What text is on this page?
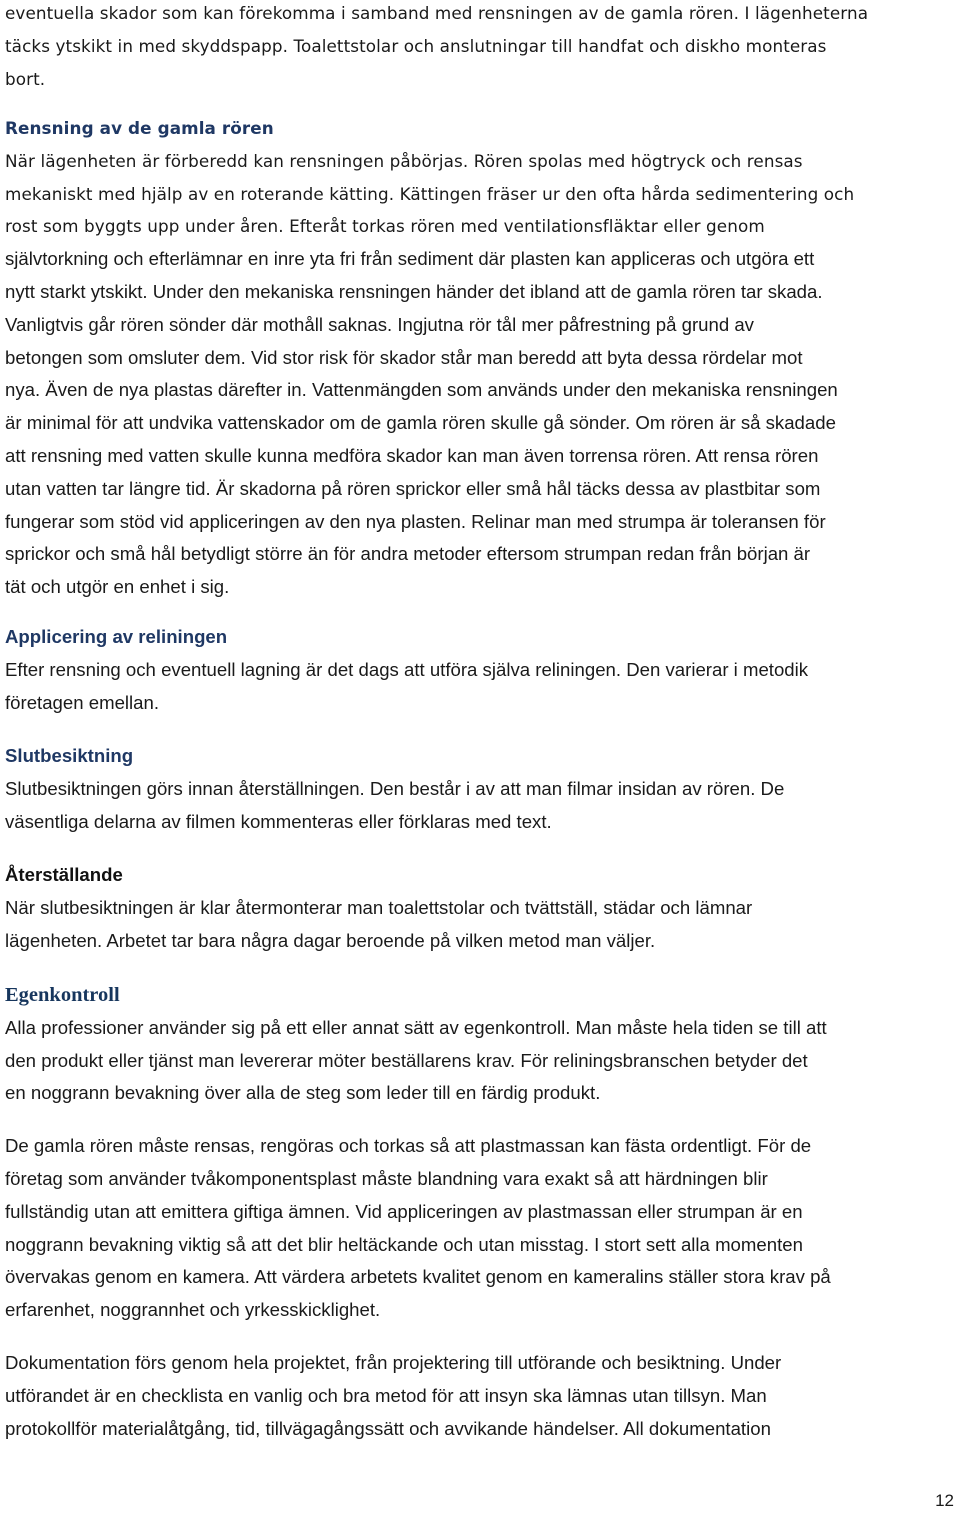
eventuella skador som kan förekomma i samband med rensningen av de gamla rören. I lägenheterna
täcks ytskikt in med skyddspapp. Toalettstolar och anslutningar till handfat och diskho monteras
bort.
Rensning av de gamla rören
När lägenheten är förberedd kan rensningen påbörjas. Rören spolas med högtryck och rensas
mekaniskt med hjälp av en roterande kätting. Kättingen fräser ur den ofta hårda sedimentering och
rost som byggts upp under åren. Efteråt torkas rören med ventilationsfläktar eller genom
självtorkning och efterlämnar en inre yta fri från sediment där plasten kan appliceras och utgöra ett
nytt starkt ytskikt. Under den mekaniska rensningen händer det ibland att de gamla rören tar skada.
Vanligtvis går rören sönder där mothåll saknas. Ingjutna rör tål mer påfrestning på grund av
betongen som omsluter dem. Vid stor risk för skador står man beredd att byta dessa rördelar mot
nya. Även de nya plastas därefter in. Vattenmängden som används under den mekaniska rensningen
är minimal för att undvika vattenskador om de gamla rören skulle gå sönder. Om rören är så skadade
att rensning med vatten skulle kunna medföra skador kan man även torrensa rören. Att rensa rören
utan vatten tar längre tid. Är skadorna på rören sprickor eller små hål täcks dessa av plastbitar som
fungerar som stöd vid appliceringen av den nya plasten. Relinar man med strumpa är toleransen för
sprickor och små hål betydligt större än för andra metoder eftersom strumpan redan från början är
tät och utgör en enhet i sig.
Applicering av reliningen
Efter rensning och eventuell lagning är det dags att utföra själva reliningen. Den varierar i metodik
företagen emellan.
Slutbesiktning
Slutbesiktningen görs innan återställningen. Den består i av att man filmar insidan av rören. De
väsentliga delarna av filmen kommenteras eller förklaras med text.
Återställande
När slutbesiktningen är klar återmonterar man toalettstolar och tvättställ, städar och lämnar
lägenheten. Arbetet tar bara några dagar beroende på vilken metod man väljer.
Egenkontroll
Alla professioner använder sig på ett eller annat sätt av egenkontroll. Man måste hela tiden se till att
den produkt eller tjänst man levererar möter beställarens krav. För reliningsbranschen betyder det
en noggrann bevakning över alla de steg som leder till en färdig produkt.
De gamla rören måste rensas, rengöras och torkas så att plastmassan kan fästa ordentligt. För de
företag som använder tvåkomponentsplast måste blandning vara exakt så att härdningen blir
fullständig utan att emittera giftiga ämnen. Vid appliceringen av plastmassan eller strumpan är en
noggrann bevakning viktig så att det blir heltäckande och utan misstag. I stort sett alla momenten
övervakas genom en kamera. Att värdera arbetets kvalitet genom en kameralins ställer stora krav på
erfarenhet, noggrannhet och yrkesskicklighet.
Dokumentation förs genom hela projektet, från projektering till utförande och besiktning. Under
utförandet är en checklista en vanlig och bra metod för att insyn ska lämnas utan tillsyn. Man
protokollför materialåtgång, tid, tillvägagångssätt och avvikande händelser. All dokumentation
12
